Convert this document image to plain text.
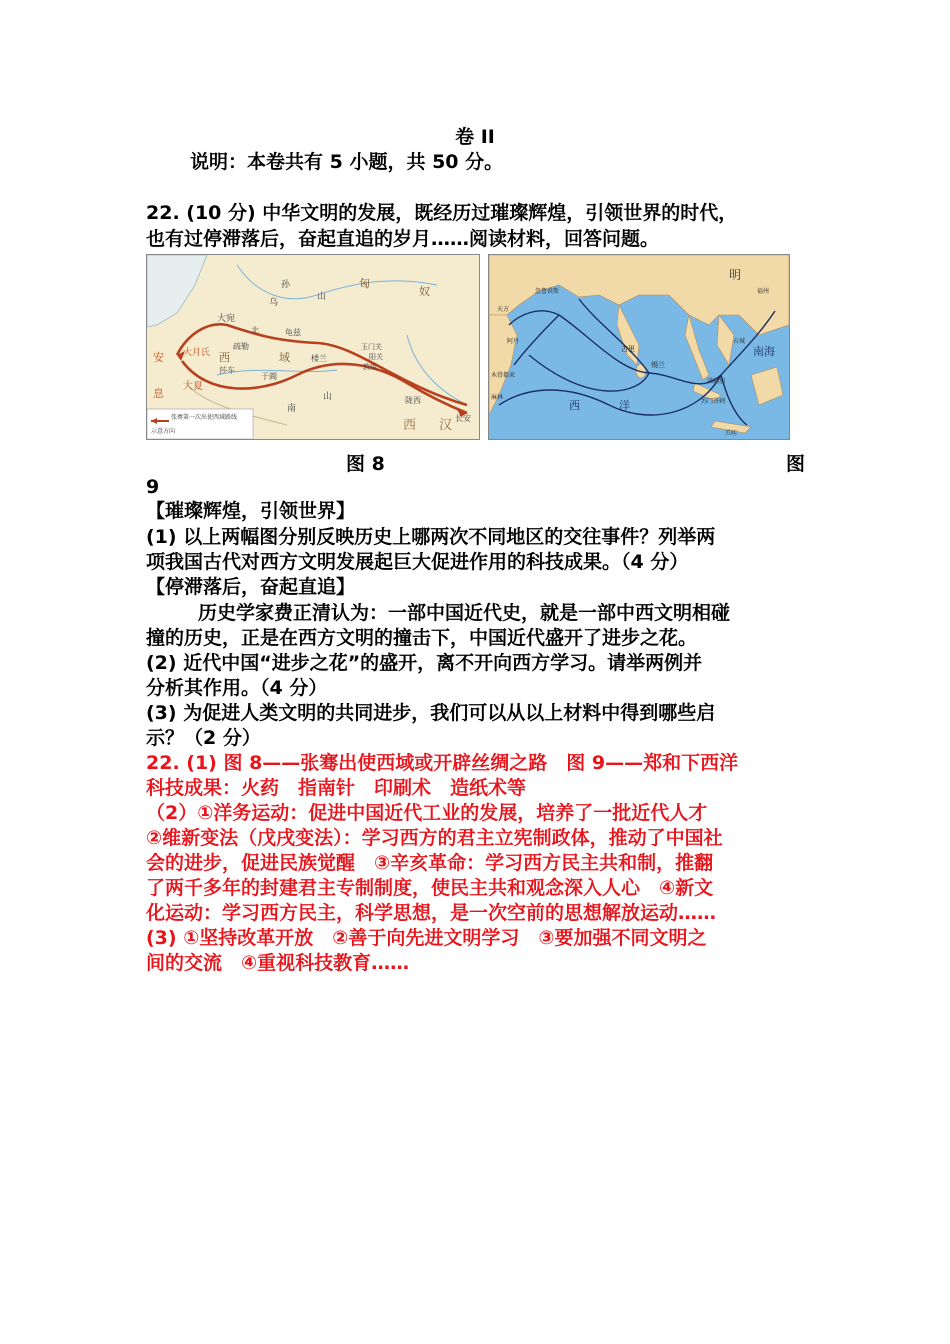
卷 II
说明：本卷共有 5 小题，共 50 分。
22. (10 分) 中华文明的发展，既经历过璀璨辉煌，引领世界的时代，
也有过停滞落后，奋起直追的岁月……阅读材料，回答问题。
乌
孙
山
匈
奴
大宛
北	龟兹
安 大月氏 西	域	楼兰
疏勒
于阗
莎车
息
大夏
南
山
玉门关
阳关
敦煌
陇西
长安
西 汉
张骞第一次出使西域路线
示意方向
明
南海
西	洋
锡兰
古里
忽鲁谟斯
天方
阿丹
木骨都束
麻林
满剌加
苏门答剌
爪哇
占城
福州
图 8	图
9
【璀璨辉煌，引领世界】
(1) 以上两幅图分别反映历史上哪两次不同地区的交往事件？列举两
项我国古代对西方文明发展起巨大促进作用的科技成果。（4 分）
【停滞落后，奋起直追】
历史学家费正清认为：一部中国近代史，就是一部中西文明相碰
撞的历史，正是在西方文明的撞击下，中国近代盛开了进步之花。
(2) 近代中国“进步之花”的盛开，离不开向西方学习。请举两例并
分析其作用。（4 分）
(3) 为促进人类文明的共同进步，我们可以从以上材料中得到哪些启
示？（2 分）
22. (1) 图 8——张骞出使西域或开辟丝绸之路　图 9——郑和下西洋
科技成果：火药　指南针　印刷术　造纸术等
（2）①洋务运动：促进中国近代工业的发展，培养了一批近代人才
②维新变法（戊戌变法）：学习西方的君主立宪制政体，推动了中国社
会的进步，促进民族觉醒　③辛亥革命：学习西方民主共和制，推翻
了两千多年的封建君主专制制度，使民主共和观念深入人心　④新文
化运动：学习西方民主，科学思想，是一次空前的思想解放运动……
(3) ①坚持改革开放　②善于向先进文明学习　③要加强不同文明之
间的交流　④重视科技教育……
